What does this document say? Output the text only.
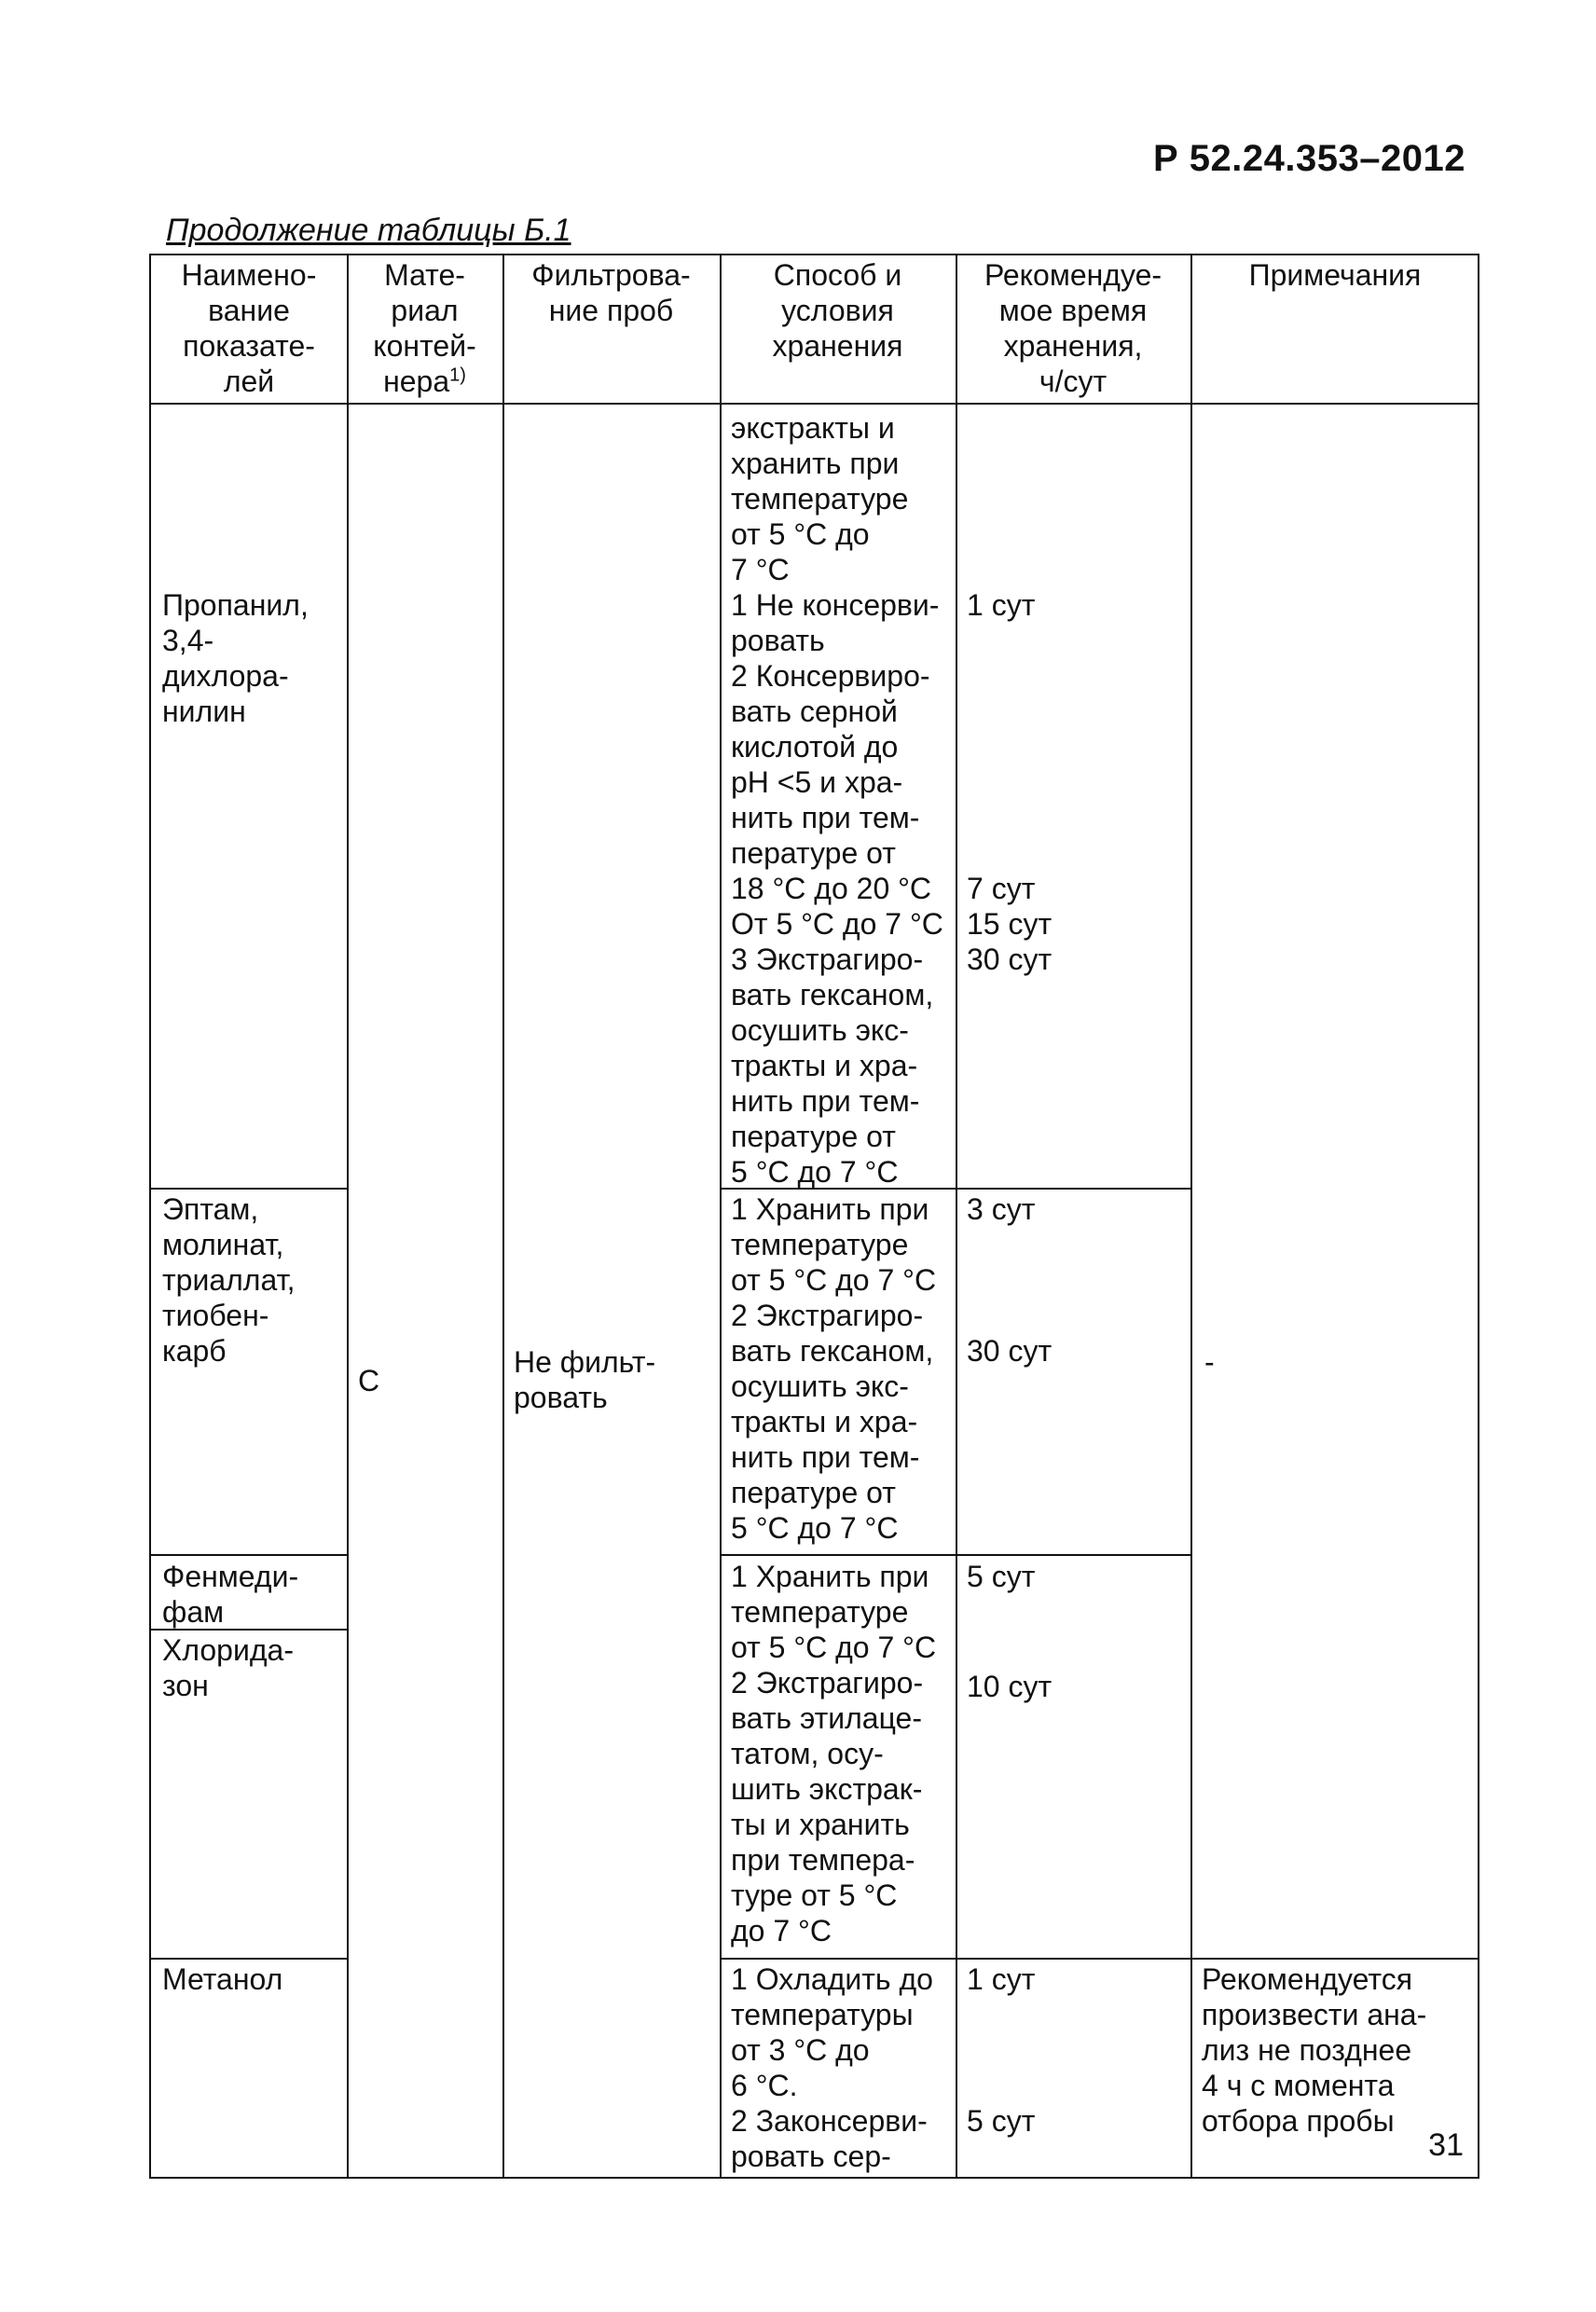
Р 52.24.353–2012
Продолжение таблицы Б.1
Наимено-
вание
показате-
лей
Мате-
риал
контей-
нера$^{1)}$
Фильтрова-
ние проб
Способ и
условия
хранения
Рекомендуе-
мое время
хранения,
ч/сут
Примечания
С
Не фильт-
ровать
-
экстракты и
хранить при
температуре
от 5 °С до
7 °С
Пропанил,
3,4-
дихлора-
нилин
1 Не консерви-
ровать
2 Консервиро-
вать серной
кислотой до
pH <5 и хра-
нить при тем-
пературе от
18 °С до 20 °С
От 5 °С до 7 °С
3 Экстрагиро-
вать гексаном,
осушить экс-
тракты и хра-
нить при тем-
пературе от
5 °С до 7 °С
1 сут
7 сут
15 сут
30 сут
Эптам,
молинат,
триаллат,
тиобен-
карб
1 Хранить при
температуре
от 5 °С до 7 °С
2 Экстрагиро-
вать гексаном,
осушить экс-
тракты и хра-
нить при тем-
пературе от
5 °С до 7 °С
3 сут
30 сут
Фенмеди-
фам
Хлорида-
зон
1 Хранить при
температуре
от 5 °С до 7 °С
2 Экстрагиро-
вать этилаце-
татом, осу-
шить экстрак-
ты и хранить
при темпера-
туре от 5 °С
до 7 °С
5 сут
10 сут
Метанол	1 Охладить до
температуры
от 3 °С до
6 °С.
2 Законсерви-
ровать сер-
1 сут
5 сут
Рекомендуется
произвести ана-
лиз не позднее
4 ч с момента
отбора пробы
31
